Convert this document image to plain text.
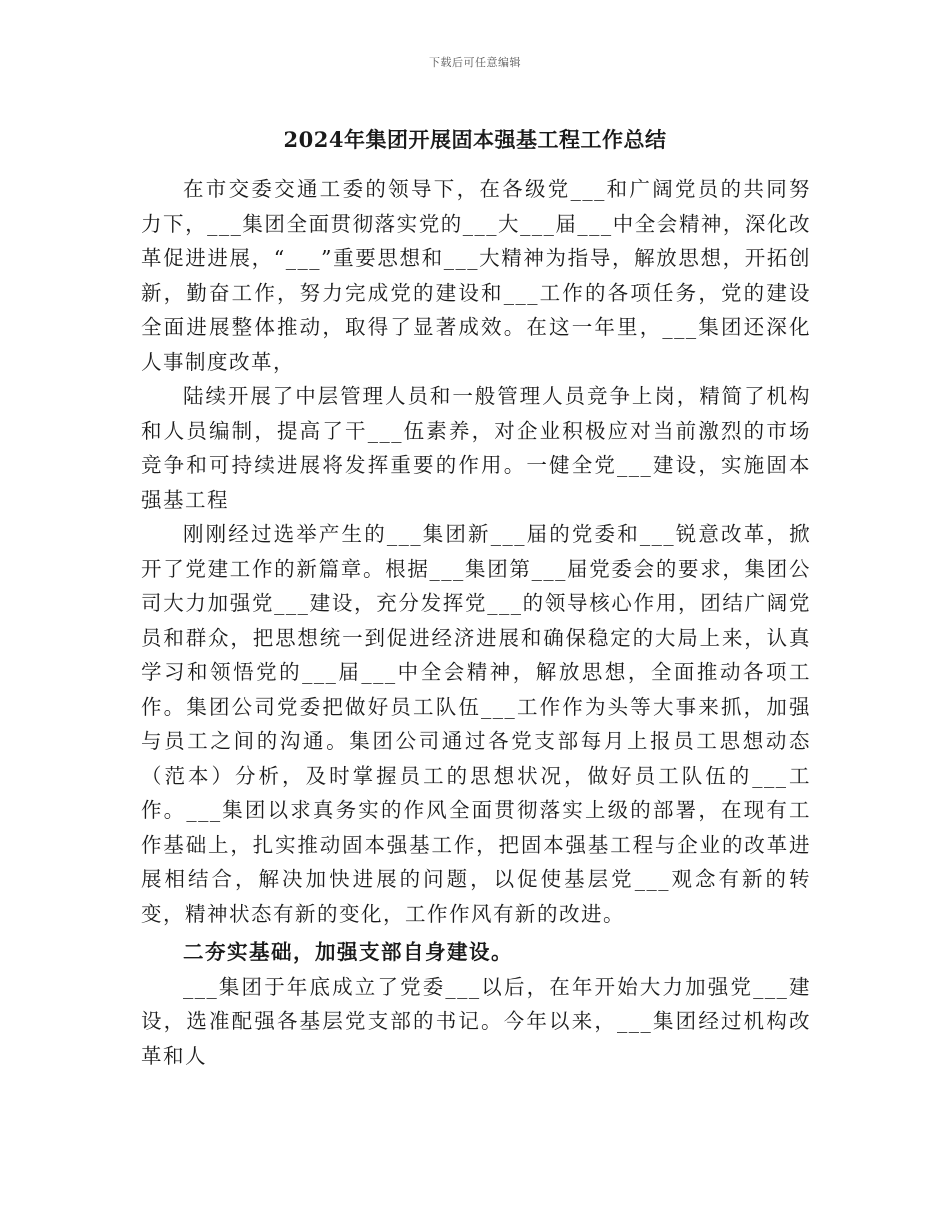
下载后可任意编辑
2024年集团开展固本强基工程工作总结

在市交委交通工委的领导下，在各级党___和广阔党员的共同努力下，___集团全面贯彻落实党的___大___届___中全会精神，深化改革促进进展，“___”重要思想和___大精神为指导，解放思想，开拓创新，勤奋工作，努力完成党的建设和___工作的各项任务，党的建设全面进展整体推动，取得了显著成效。在这一年里，___集团还深化人事制度改革，

陆续开展了中层管理人员和一般管理人员竞争上岗，精简了机构和人员编制，提高了干___伍素养，对企业积极应对当前激烈的市场竞争和可持续进展将发挥重要的作用。一健全党___建设，实施固本强基工程

刚刚经过选举产生的___集团新___届的党委和___锐意改革，掀开了党建工作的新篇章。根据___集团第___届党委会的要求，集团公司大力加强党___建设，充分发挥党___的领导核心作用，团结广阔党员和群众，把思想统一到促进经济进展和确保稳定的大局上来，认真学习和领悟党的___届___中全会精神，解放思想，全面推动各项工作。集团公司党委把做好员工队伍___工作作为头等大事来抓，加强与员工之间的沟通。集团公司通过各党支部每月上报员工思想动态（范本）分析，及时掌握员工的思想状况，做好员工队伍的___工作。___集团以求真务实的作风全面贯彻落实上级的部署，在现有工作基础上，扎实推动固本强基工作，把固本强基工程与企业的改革进展相结合，解决加快进展的问题，以促使基层党___观念有新的转变，精神状态有新的变化，工作作风有新的改进。

二夯实基础，加强支部自身建设。

___集团于年底成立了党委___以后，在年开始大力加强党___建设，选准配强各基层党支部的书记。今年以来，___集团经过机构改革和人
